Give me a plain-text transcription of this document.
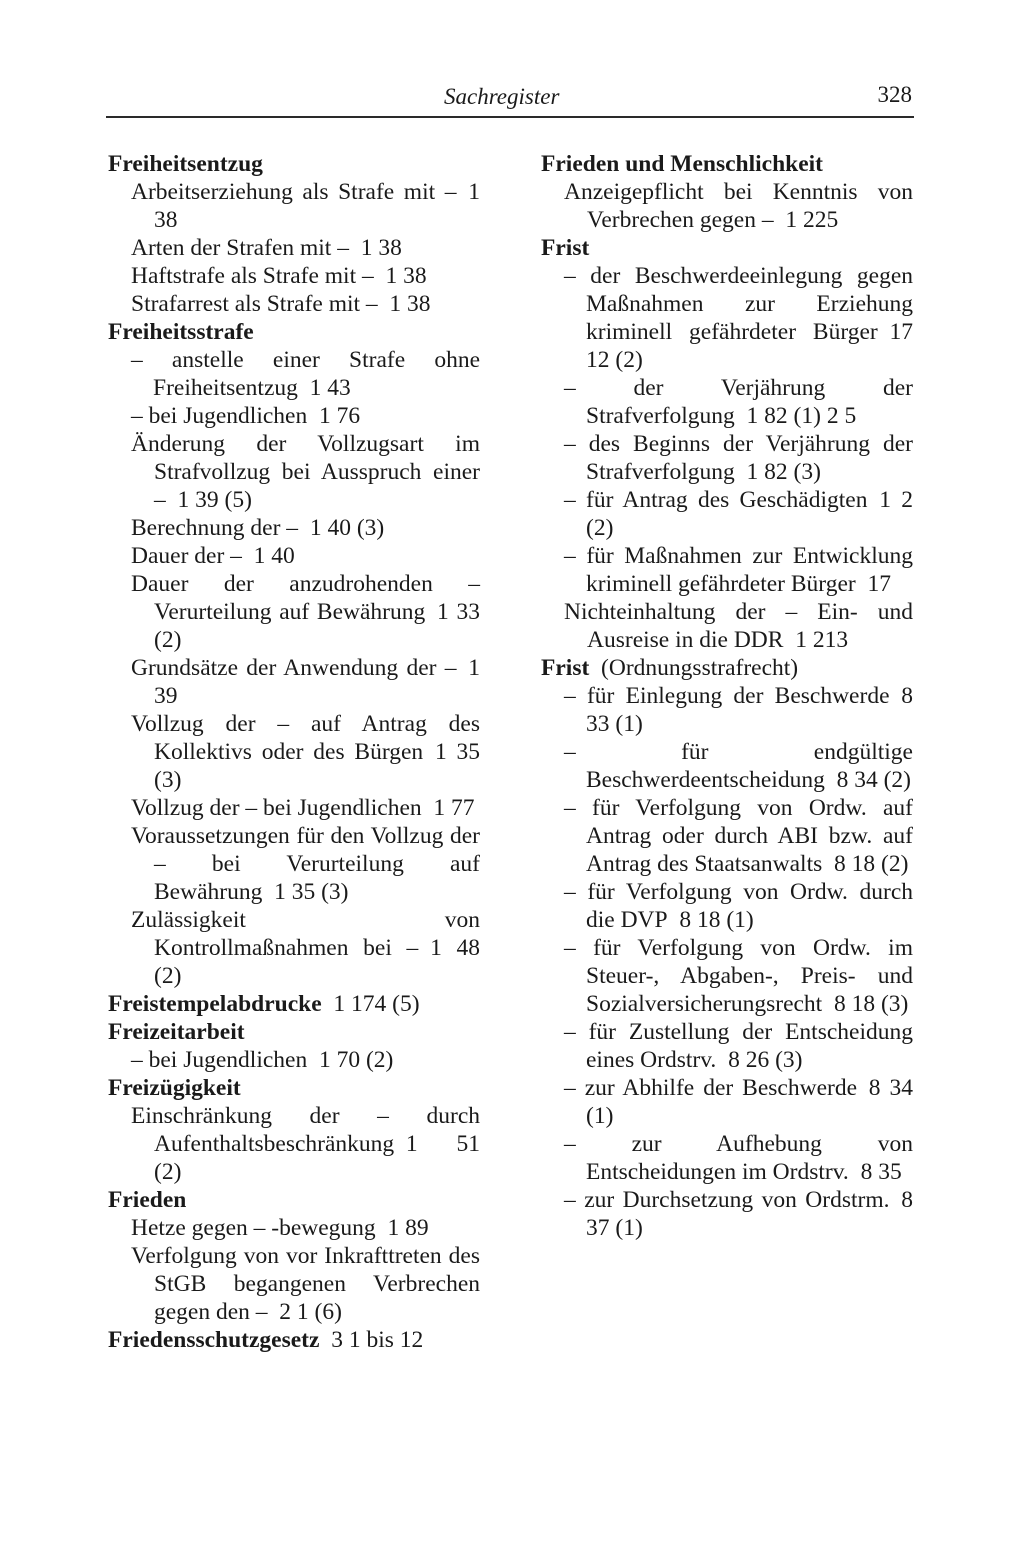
Sachregister	328

Freiheitsentzug

Arbeitserziehung als Strafe mit –  1 38

Arten der Strafen mit –  1 38

Haftstrafe als Strafe mit –  1 38

Strafarrest als Strafe mit –  1 38

Freiheitsstrafe

– anstelle einer Strafe ohne Freiheitsentzug  1 43

– bei Jugendlichen  1 76

Änderung der Vollzugsart im Strafvollzug bei Ausspruch einer –  1 39 (5)

Berechnung der –  1 40 (3)

Dauer der –  1 40

Dauer der anzudrohenden – Verurteilung auf Bewährung  1 33 (2)

Grundsätze der Anwendung der –  1 39

Vollzug der – auf Antrag des Kollektivs oder des Bürgen  1 35 (3)

Vollzug der – bei Jugendlichen  1 77

Voraussetzungen für den Vollzug der – bei Verurteilung auf Bewährung  1 35 (3)

Zulässigkeit von Kontrollmaßnahmen bei –  1 48 (2)

Freistempelabdrucke  1 174 (5)

Freizeitarbeit

– bei Jugendlichen  1 70 (2)

Freizügigkeit

Einschränkung der – durch Aufenthaltsbeschränkung  1 51 (2)

Frieden

Hetze gegen – -bewegung  1 89

Verfolgung von vor Inkrafttreten des StGB begangenen Verbrechen gegen den –  2 1 (6)

Friedensschutzgesetz  3 1 bis 12

Frieden und Menschlichkeit

Anzeigepflicht bei Kenntnis von Verbrechen gegen –  1 225

Frist

– der Beschwerdeeinlegung gegen Maßnahmen zur Erziehung kriminell gefährdeter Bürger  17 12 (2)

– der Verjährung der Strafverfolgung  1 82 (1) 2 5

– des Beginns der Verjährung der Strafverfolgung  1 82 (3)

– für Antrag des Geschädigten  1 2 (2)

– für Maßnahmen zur Entwicklung kriminell gefährdeter Bürger  17

Nichteinhaltung der – Ein- und Ausreise in die DDR  1 213

Frist  (Ordnungsstrafrecht)

– für Einlegung der Beschwerde  8 33 (1)

– für endgültige Beschwerdeentscheidung  8 34 (2)

– für Verfolgung von Ordw. auf Antrag oder durch ABI bzw. auf Antrag des Staatsanwalts  8 18 (2)

– für Verfolgung von Ordw. durch die DVP  8 18 (1)

– für Verfolgung von Ordw. im Steuer-, Abgaben-, Preis- und Sozialversicherungsrecht  8 18 (3)

– für Zustellung der Entscheidung eines Ordstrv.  8 26 (3)

– zur Abhilfe der Beschwerde  8 34 (1)

– zur Aufhebung von Entscheidungen im Ordstrv.  8 35

– zur Durchsetzung von Ordstrm.  8 37 (1)
